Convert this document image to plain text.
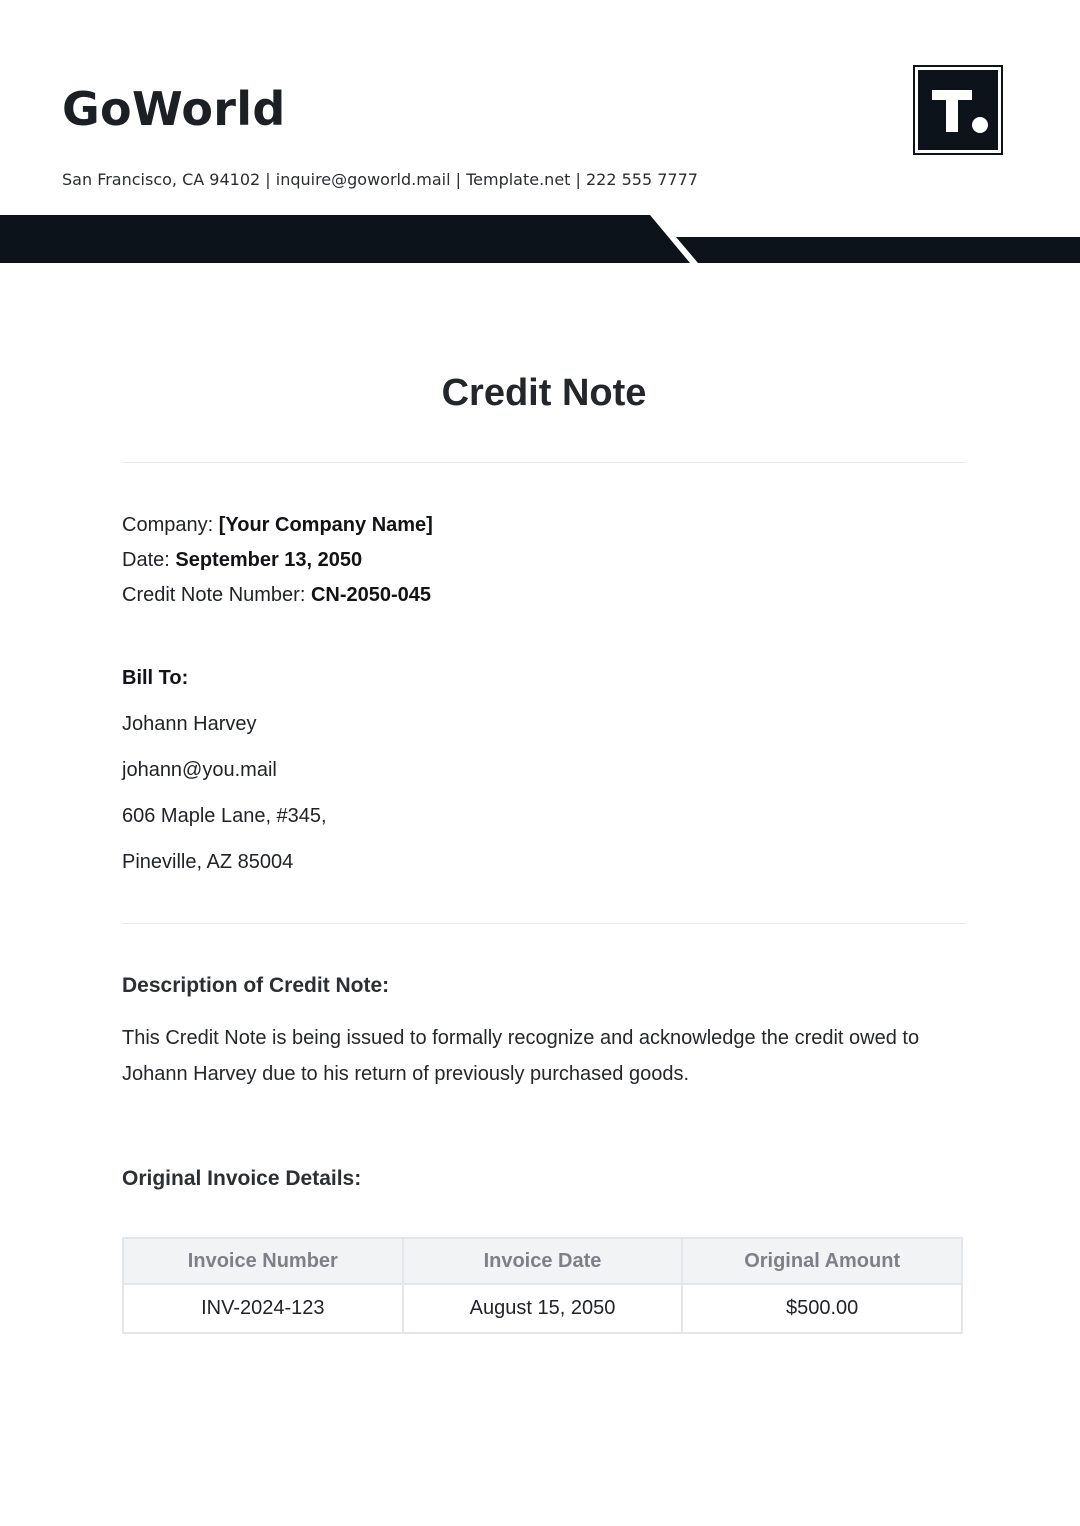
GoWorld
San Francisco, CA 94102 | inquire@goworld.mail | Template.net | 222 555 7777
Credit Note
Company: [Your Company Name]
Date: September 13, 2050
Credit Note Number: CN-2050-045
Bill To:
Johann Harvey
johann@you.mail
606 Maple Lane, #345,
Pineville, AZ 85004
Description of Credit Note:
This Credit Note is being issued to formally recognize and acknowledge the credit owed to Johann Harvey due to his return of previously purchased goods.
Original Invoice Details:
Invoice Number	Invoice Date	Original Amount
INV-2024-123	August 15, 2050	$500.00
